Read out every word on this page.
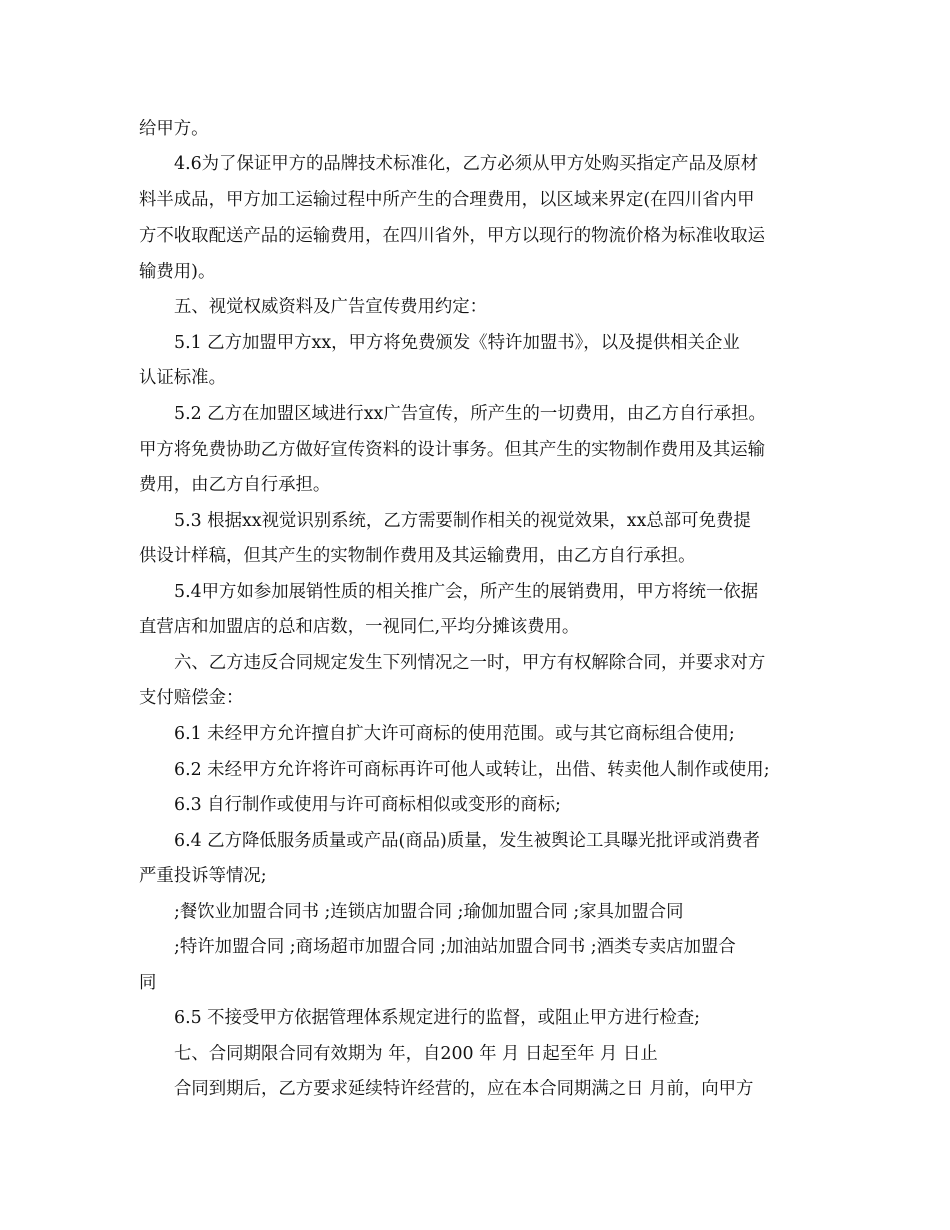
给甲方。
4.6为了保证甲方的品牌技术标准化，乙方必须从甲方处购买指定产品及原材
料半成品，甲方加工运输过程中所产生的合理费用，以区域来界定(在四川省内甲
方不收取配送产品的运输费用，在四川省外，甲方以现行的物流价格为标准收取运
输费用)。
五、视觉权威资料及广告宣传费用约定：
5.1 乙方加盟甲方xx，甲方将免费颁发《特许加盟书》，以及提供相关企业
认证标准。
5.2 乙方在加盟区域进行xx广告宣传，所产生的一切费用，由乙方自行承担。
甲方将免费协助乙方做好宣传资料的设计事务。但其产生的实物制作费用及其运输
费用，由乙方自行承担。
5.3 根据xx视觉识别系统，乙方需要制作相关的视觉效果，xx总部可免费提
供设计样稿，但其产生的实物制作费用及其运输费用，由乙方自行承担。
5.4甲方如参加展销性质的相关推广会，所产生的展销费用，甲方将统一依据
直营店和加盟店的总和店数，一视同仁,平均分摊该费用。
六、乙方违反合同规定发生下列情况之一时，甲方有权解除合同，并要求对方
支付赔偿金：
6.1 未经甲方允许擅自扩大许可商标的使用范围。或与其它商标组合使用;
6.2 未经甲方允许将许可商标再许可他人或转让，出借、转卖他人制作或使用;
6.3 自行制作或使用与许可商标相似或变形的商标;
6.4 乙方降低服务质量或产品(商品)质量，发生被舆论工具曝光批评或消费者
严重投诉等情况;
;餐饮业加盟合同书 ;连锁店加盟合同 ;瑜伽加盟合同 ;家具加盟合同
;特许加盟合同 ;商场超市加盟合同 ;加油站加盟合同书 ;酒类专卖店加盟合
同
6.5 不接受甲方依据管理体系规定进行的监督，或阻止甲方进行检查;
七、合同期限合同有效期为 年，自200 年 月 日起至年 月 日止
合同到期后，乙方要求延续特许经营的，应在本合同期满之日 月前，向甲方
